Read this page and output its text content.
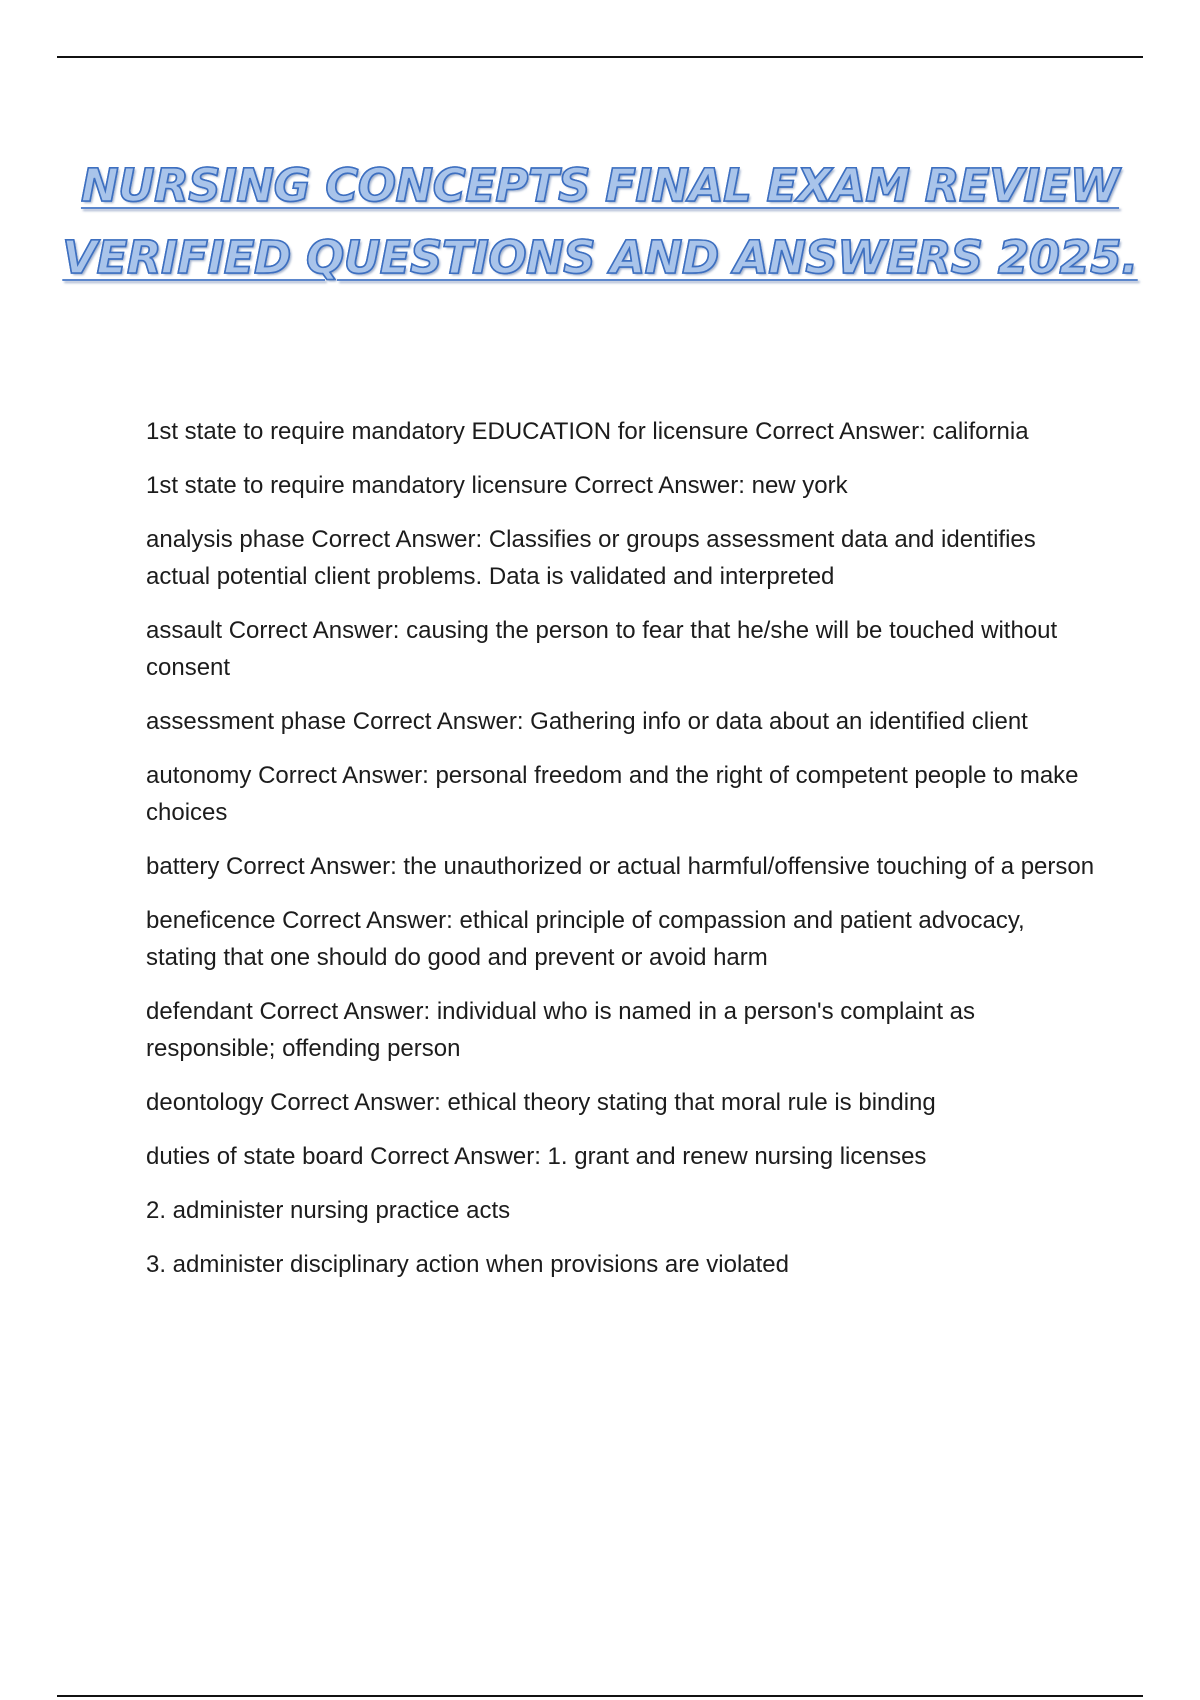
NURSING CONCEPTS FINAL EXAM REVIEW
VERIFIED QUESTIONS AND ANSWERS 2025.
1st state to require mandatory EDUCATION for licensure Correct Answer: california
1st state to require mandatory licensure Correct Answer: new york
analysis phase Correct Answer: Classifies or groups assessment data and identifies actual potential client problems. Data is validated and interpreted
assault Correct Answer: causing the person to fear that he/she will be touched without consent
assessment phase Correct Answer: Gathering info or data about an identified client
autonomy Correct Answer: personal freedom and the right of competent people to make choices
battery Correct Answer: the unauthorized or actual harmful/offensive touching of a person
beneficence Correct Answer: ethical principle of compassion and patient advocacy, stating that one should do good and prevent or avoid harm
defendant Correct Answer: individual who is named in a person's complaint as responsible; offending person
deontology Correct Answer: ethical theory stating that moral rule is binding
duties of state board Correct Answer: 1. grant and renew nursing licenses
2. administer nursing practice acts
3. administer disciplinary action when provisions are violated
